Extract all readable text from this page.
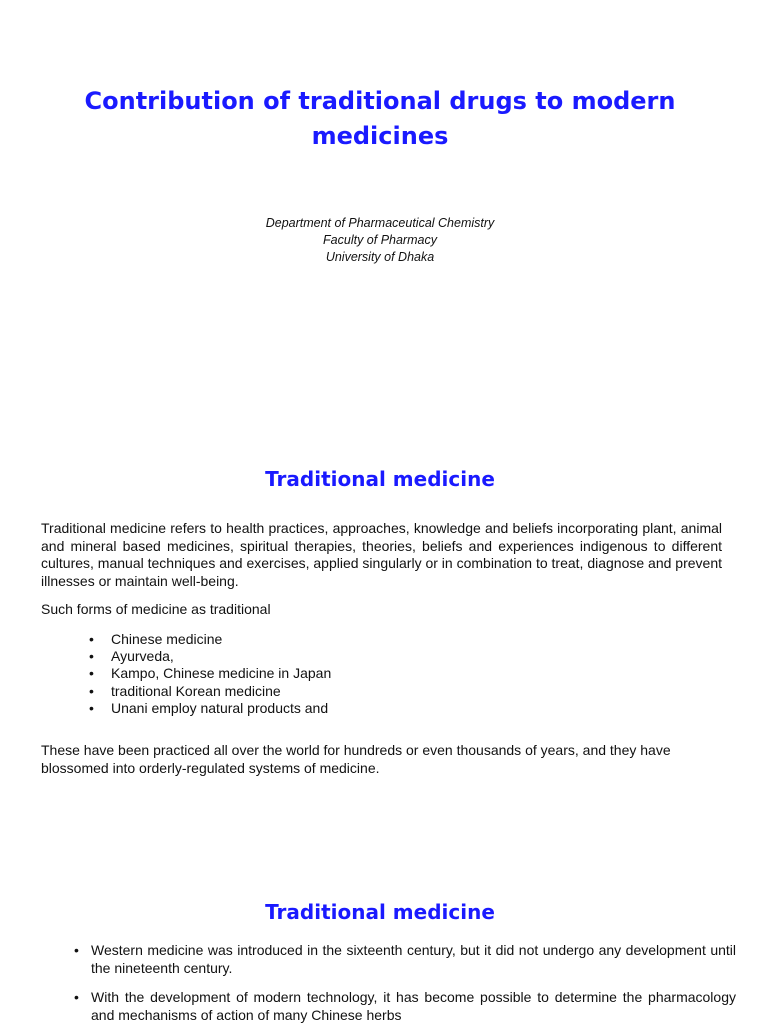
Contribution of traditional drugs to modern medicines
Department of Pharmaceutical Chemistry
Faculty of Pharmacy
University of Dhaka
Traditional medicine

Traditional medicine refers to health practices, approaches, knowledge and beliefs incorporating plant, animal and mineral based medicines, spiritual therapies, theories, beliefs and experiences indigenous to different cultures, manual techniques and exercises, applied singularly or in combination to treat, diagnose and prevent illnesses or maintain well-being.

Such forms of medicine as traditional

• Chinese medicine
• Ayurveda,
• Kampo, Chinese medicine in Japan
• traditional Korean medicine
• Unani employ natural products and

These have been practiced all over the world for hundreds or even thousands of years, and they have blossomed into orderly-regulated systems of medicine.

Traditional medicine
• Western medicine was introduced in the sixteenth century, but it did not undergo any development until the nineteenth century.
• With the development of modern technology, it has become possible to determine the pharmacology and mechanisms of action of many Chinese herbs
